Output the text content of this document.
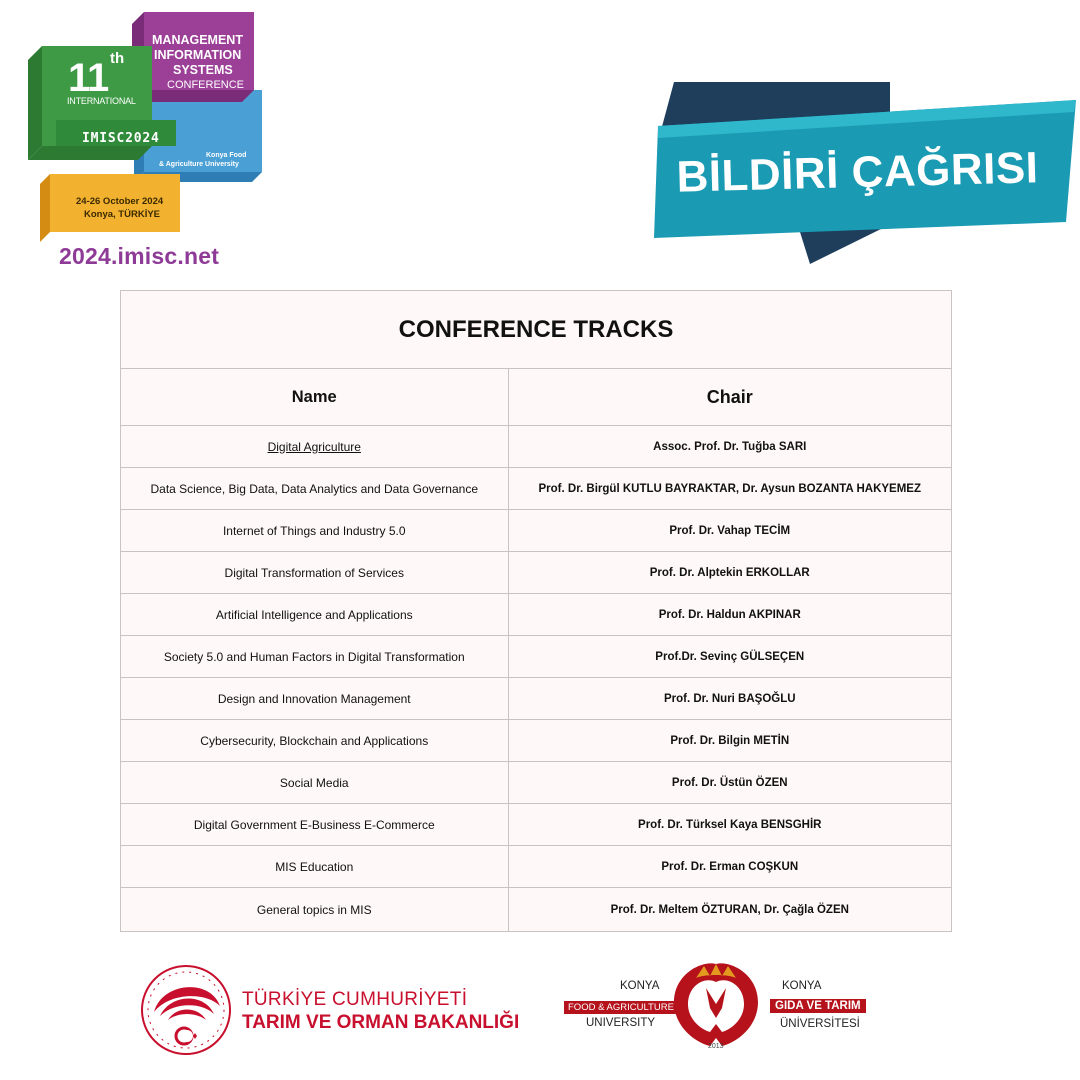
11 th
INTERNATIONAL
MANAGEMENT
INFORMATION
SYSTEMS
CONFERENCE
IMISC2024
Konya Food
& Agriculture University
24-26 October 2024
Konya, TÜRKİYE
2024.imisc.net
BİLDİRİ ÇAĞRISI
CONFERENCE TRACKS
Name	Chair
Digital Agriculture	Assoc. Prof. Dr. Tuğba SARI
Data Science, Big Data, Data Analytics and Data Governance	Prof. Dr. Birgül KUTLU BAYRAKTAR, Dr. Aysun BOZANTA HAKYEMEZ
Internet of Things and Industry 5.0	Prof. Dr. Vahap TECİM
Digital Transformation of Services	Prof. Dr. Alptekin ERKOLLAR
Artificial Intelligence and Applications	Prof. Dr. Haldun AKPINAR
Society 5.0 and Human Factors in Digital Transformation	Prof.Dr. Sevinç GÜLSEÇEN
Design and Innovation Management	Prof. Dr. Nuri BAŞOĞLU
Cybersecurity, Blockchain and Applications	Prof. Dr. Bilgin METİN
Social Media	Prof. Dr. Üstün ÖZEN
Digital Government E-Business E-Commerce	Prof. Dr. Türksel Kaya BENSGHİR
MIS Education	Prof. Dr. Erman COŞKUN
General topics in MIS	Prof. Dr. Meltem ÖZTURAN, Dr. Çağla ÖZEN
TÜRKİYE CUMHURİYETİ
TARIM VE ORMAN BAKANLIĞI
KONYA
FOOD & AGRICULTURE
UNIVERSITY
2013
KONYA
GIDA VE TARIM
ÜNİVERSİTESİ
